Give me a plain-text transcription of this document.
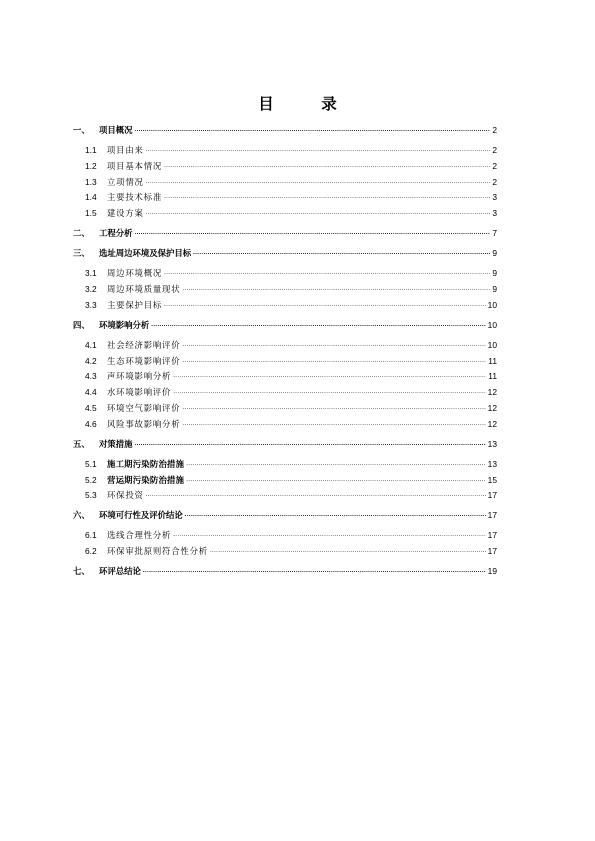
目　录
一、	项目概况 .....	2
1.1	项目由来 .....	2
1.2	项目基本情况 .....	2
1.3	立项情况 .....	2
1.4	主要技术标准 .....	3
1.5	建设方案 .....	3
二、	工程分析 .....	7
三、	选址周边环境及保护目标 .....	9
3.1	周边环境概况 .....	9
3.2	周边环境质量现状 .....	9
3.3	主要保护目标 .....	10
四、	环境影响分析 .....	10
4.1	社会经济影响评价 .....	10
4.2	生态环境影响评价 .....	11
4.3	声环境影响分析 .....	11
4.4	水环境影响评价 .....	12
4.5	环境空气影响评价 .....	12
4.6	风险事故影响分析 .....	12
五、	对策措施 .....	13
5.1	施工期污染防治措施 .....	13
5.2	营运期污染防治措施 .....	15
5.3	环保投资 .....	17
六、	环境可行性及评价结论 .....	17
6.1	选线合理性分析 .....	17
6.2	环保审批原则符合性分析 .....	17
七、	环评总结论 .....	19
